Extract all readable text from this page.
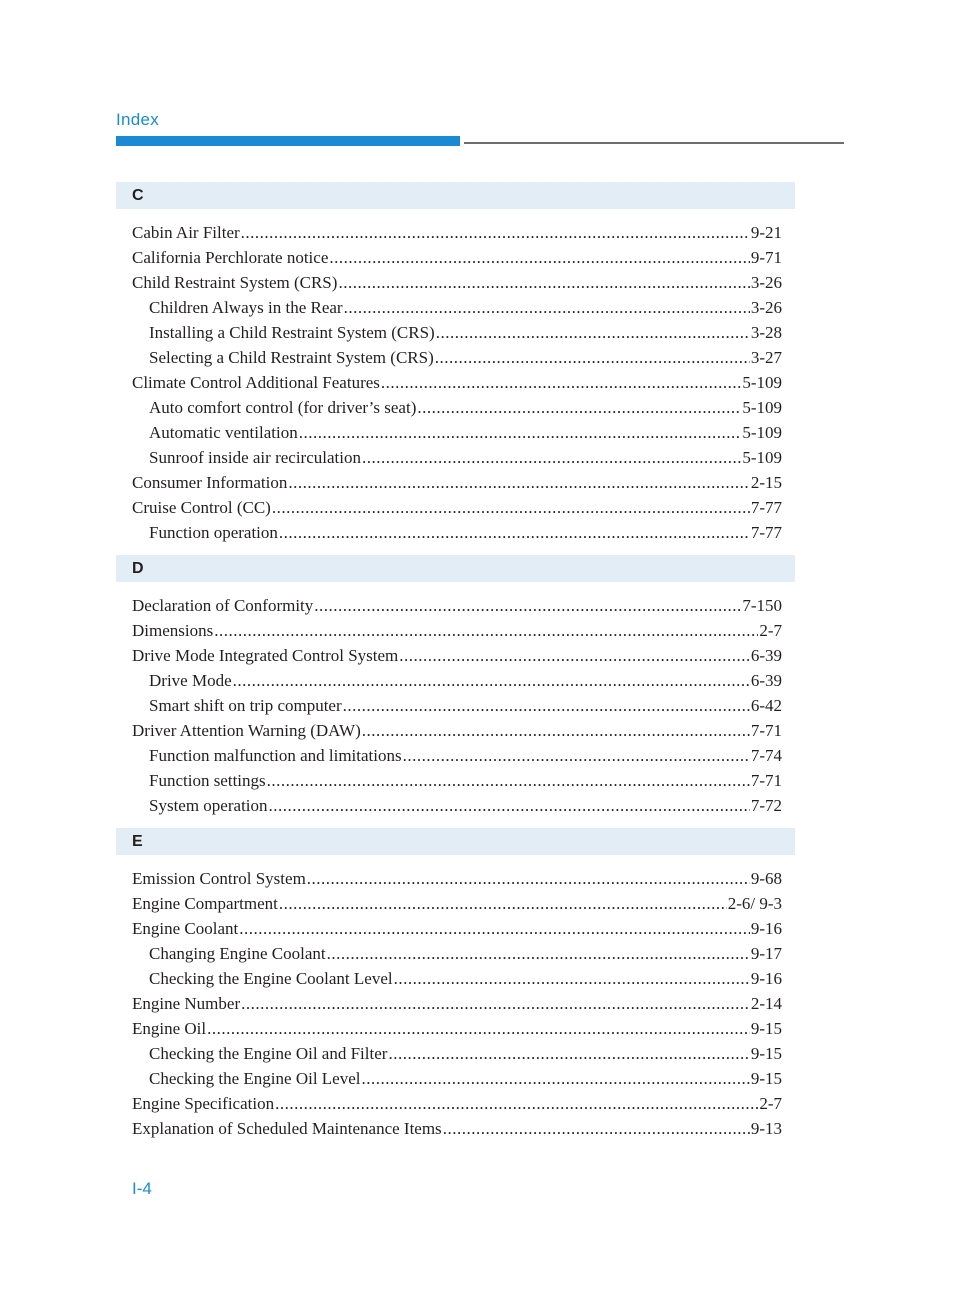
Index
C
Cabin Air Filter .....	9-21
California Perchlorate notice .....	9-71
Child Restraint System (CRS) .....	3-26
Children Always in the Rear .....	3-26
Installing a Child Restraint System (CRS) .....	3-28
Selecting a Child Restraint System (CRS) .....	3-27
Climate Control Additional Features .....	5-109
Auto comfort control (for driver’s seat) .....	5-109
Automatic ventilation .....	5-109
Sunroof inside air recirculation .....	5-109
Consumer Information .....	2-15
Cruise Control (CC) .....	7-77
Function operation .....	7-77
D
Declaration of Conformity .....	7-150
Dimensions .....	2-7
Drive Mode Integrated Control System .....	6-39
Drive Mode .....	6-39
Smart shift on trip computer .....	6-42
Driver Attention Warning (DAW) .....	7-71
Function malfunction and limitations .....	7-74
Function settings .....	7-71
System operation .....	7-72
E
Emission Control System .....	9-68
Engine Compartment .....	2-6/ 9-3
Engine Coolant .....	9-16
Changing Engine Coolant .....	9-17
Checking the Engine Coolant Level .....	9-16
Engine Number .....	2-14
Engine Oil .....	9-15
Checking the Engine Oil and Filter .....	9-15
Checking the Engine Oil Level .....	9-15
Engine Specification .....	2-7
Explanation of Scheduled Maintenance Items .....	9-13
I-4
